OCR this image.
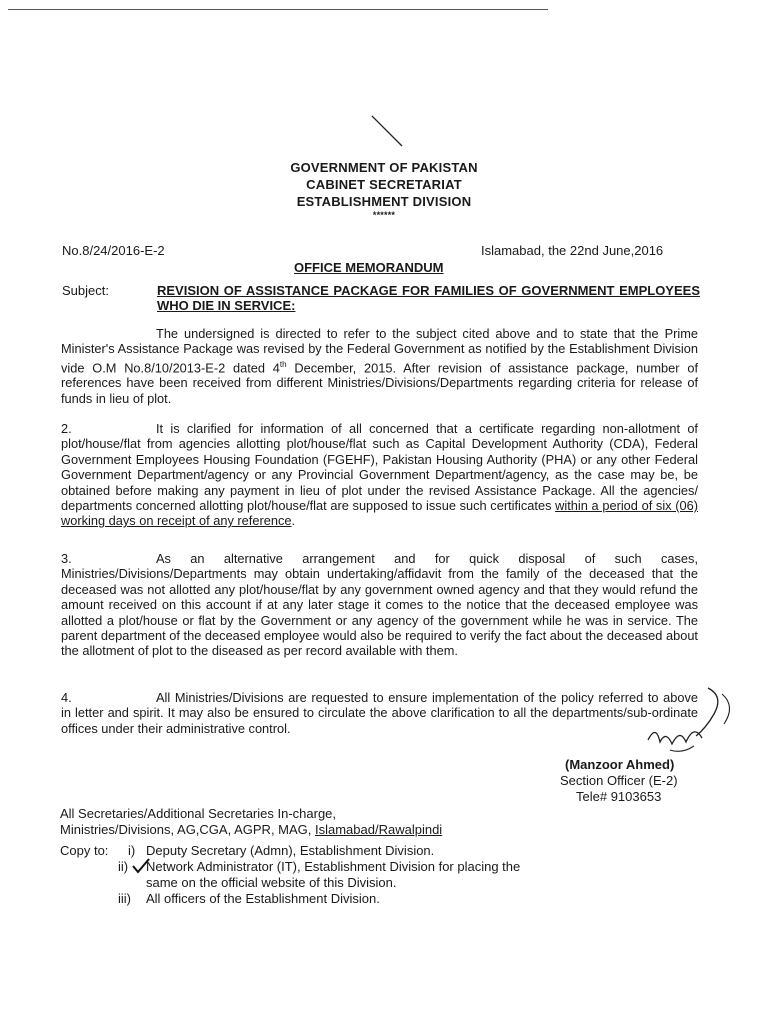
GOVERNMENT OF PAKISTAN
CABINET SECRETARIAT
ESTABLISHMENT DIVISION
******
No.8/24/2016-E-2	Islamabad, the 22nd June,2016
OFFICE MEMORANDUM
Subject:	REVISION OF ASSISTANCE PACKAGE FOR FAMILIES OF GOVERNMENT EMPLOYEES WHO DIE IN SERVICE:
The undersigned is directed to refer to the subject cited above and to state that the Prime Minister's Assistance Package was revised by the Federal Government as notified by the Establishment Division vide O.M No.8/10/2013-E-2 dated 4th December, 2015. After revision of assistance package, number of references have been received from different Ministries/Divisions/Departments regarding criteria for release of funds in lieu of plot.
2.	It is clarified for information of all concerned that a certificate regarding non-allotment of plot/house/flat from agencies allotting plot/house/flat such as Capital Development Authority (CDA), Federal Government Employees Housing Foundation (FGEHF), Pakistan Housing Authority (PHA) or any other Federal Government Department/agency or any Provincial Government Department/agency, as the case may be, be obtained before making any payment in lieu of plot under the revised Assistance Package. All the agencies/ departments concerned allotting plot/house/flat are supposed to issue such certificates within a period of six (06) working days on receipt of any reference.
3.	As an alternative arrangement and for quick disposal of such cases, Ministries/Divisions/Departments may obtain undertaking/affidavit from the family of the deceased that the deceased was not allotted any plot/house/flat by any government owned agency and that they would refund the amount received on this account if at any later stage it comes to the notice that the deceased employee was allotted a plot/house or flat by the Government or any agency of the government while he was in service. The parent department of the deceased employee would also be required to verify the fact about the deceased about the allotment of plot to the diseased as per record available with them.
4.	All Ministries/Divisions are requested to ensure implementation of the policy referred to above in letter and spirit. It may also be ensured to circulate the above clarification to all the departments/sub-ordinate offices under their administrative control.
(Manzoor Ahmed)
Section Officer (E-2)
Tele# 9103653
All Secretaries/Additional Secretaries In-charge,
Ministries/Divisions, AG,CGA, AGPR, MAG, Islamabad/Rawalpindi
Copy to: i) Deputy Secretary (Admn), Establishment Division.
ii) Network Administrator (IT), Establishment Division for placing the
same on the official website of this Division.
iii) All officers of the Establishment Division.
